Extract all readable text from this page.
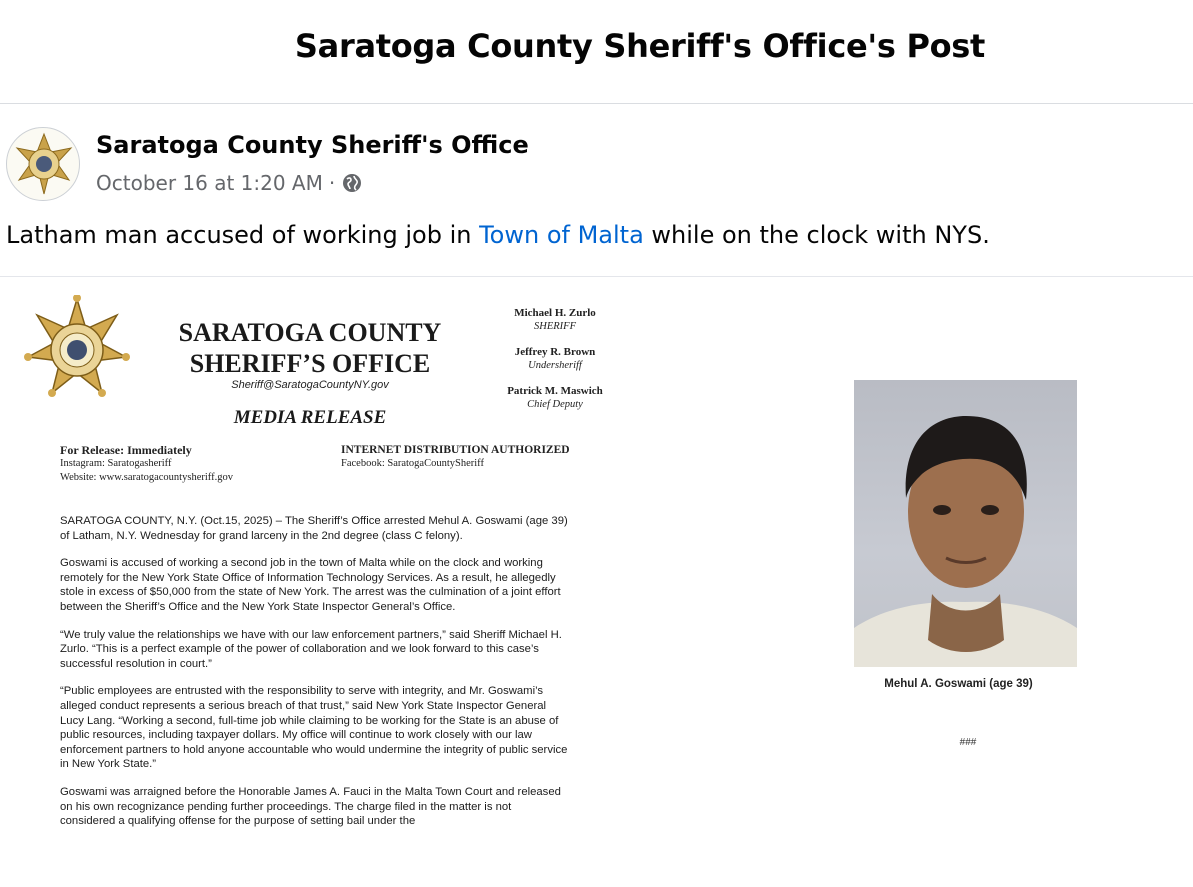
Saratoga County Sheriff's Office's Post
Saratoga County Sheriff's Office
October 16 at 1:20 AM ·
Latham man accused of working job in Town of Malta while on the clock with NYS.
SARATOGA COUNTY
SHERIFF’S OFFICE
Sheriff@SaratogaCountyNY.gov
MEDIA RELEASE
Michael H. Zurlo
SHERIFF
Jeffrey R. Brown
Undersheriff
Patrick M. Maswich
Chief Deputy
For Release: Immediately
Instagram: Saratogasheriff
Website: www.saratogacountysheriff.gov
INTERNET DISTRIBUTION AUTHORIZED
Facebook: SaratogaCountySheriff

SARATOGA COUNTY, N.Y. (Oct.15, 2025) – The Sheriff’s Office arrested Mehul A. Goswami (age 39) of Latham, N.Y. Wednesday for grand larceny in the 2nd degree (class C felony).

Goswami is accused of working a second job in the town of Malta while on the clock and working remotely for the New York State Office of Information Technology Services. As a result, he allegedly stole in excess of $50,000 from the state of New York. The arrest was the culmination of a joint effort between the Sheriff’s Office and the New York State Inspector General’s Office.

“We truly value the relationships we have with our law enforcement partners,” said Sheriff Michael H. Zurlo. “This is a perfect example of the power of collaboration and we look forward to this case’s successful resolution in court.”

“Public employees are entrusted with the responsibility to serve with integrity, and Mr. Goswami’s alleged conduct represents a serious breach of that trust,” said New York State Inspector General Lucy Lang. “Working a second, full-time job while claiming to be working for the State is an abuse of public resources, including taxpayer dollars. My office will continue to work closely with our law enforcement partners to hold anyone accountable who would undermine the integrity of public service in New York State.”

Goswami was arraigned before the Honorable James A. Fauci in the Malta Town Court and released on his own recognizance pending further proceedings. The charge filed in the matter is not considered a qualifying offense for the purpose of setting bail under the

Mehul A. Goswami (age 39)
###
